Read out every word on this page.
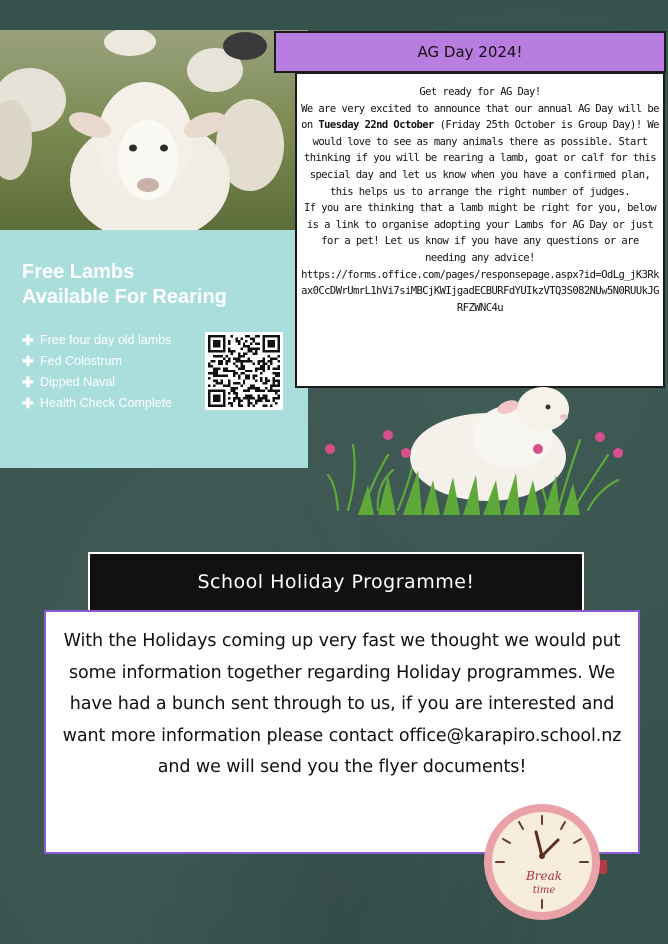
Free Lambs
Available For Rearing
✚ Free four day old lambs
✚ Fed Colostrum
✚ Dipped Naval
✚ Health Check Complete
AG Day 2024!

Get ready for AG Day!

We are very excited to announce that our annual AG Day will be on Tuesday 22nd October (Friday 25th October is Group Day)! We would love to see as many animals there as possible. Start thinking if you will be rearing a lamb, goat or calf for this special day and let us know when you have a confirmed plan, this helps us to arrange the right number of judges.

If you are thinking that a lamb might be right for you, below is a link to organise adopting your Lambs for AG Day or just for a pet! Let us know if you have any questions or are needing any advice!

https://forms.office.com/pages/responsepage.aspx?id=OdLg_jK3Rkax0CcDWrUmrL1hVi7siMBCjKWIjgadECBURFdYUIkzVTQ3S082NUw5N0RUUkJGRFZWNC4u

School Holiday Programme!

With the Holidays coming up very fast we thought we would put some information together regarding Holiday programmes. We have had a bunch sent through to us, if you are interested and want more information please contact office@karapiro.school.nz and we will send you the flyer documents!

Break
time
